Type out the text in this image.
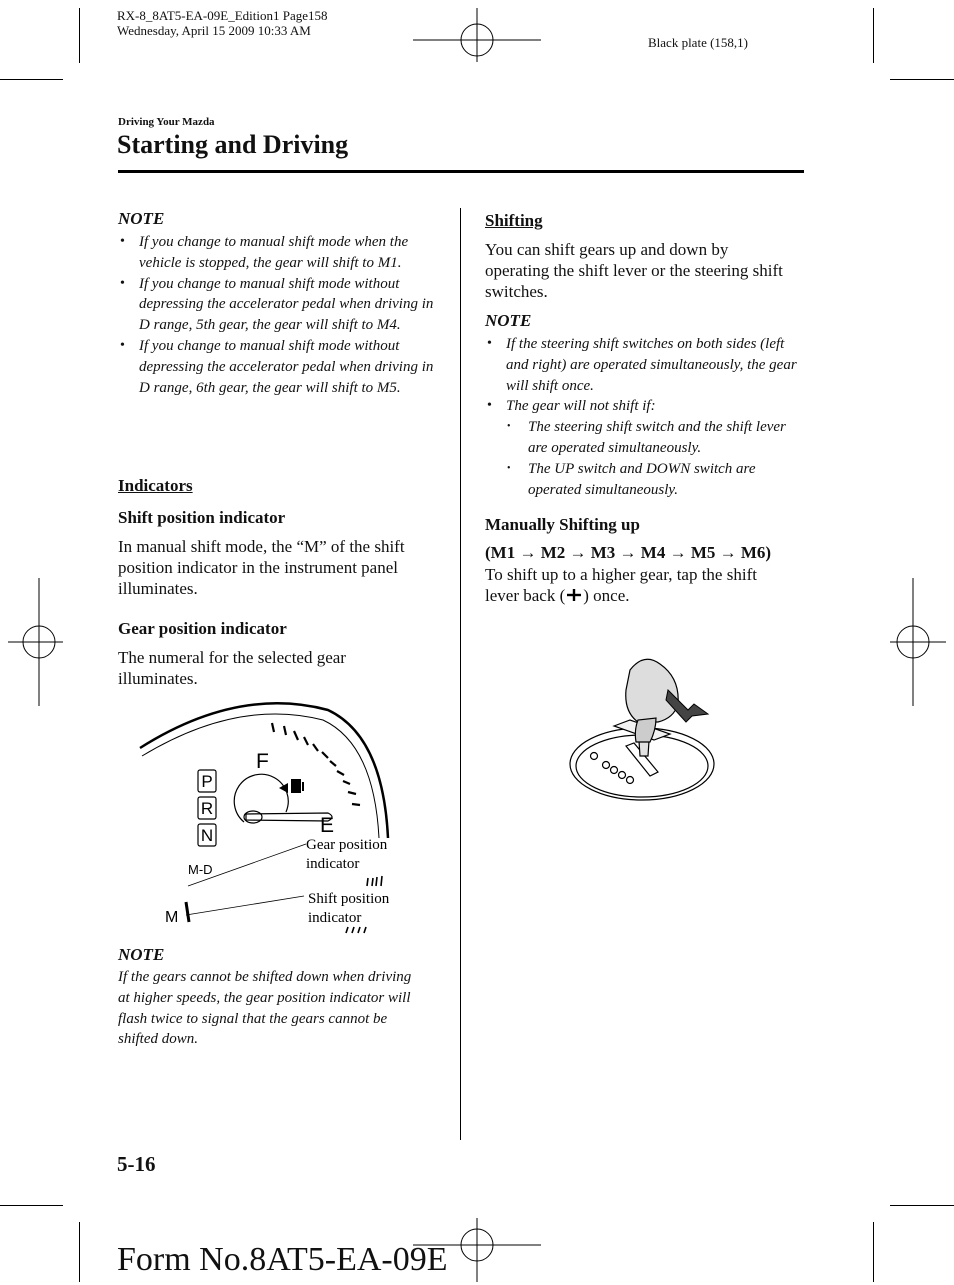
RX-8_8AT5-EA-09E_Edition1 Page158
Wednesday, April 15 2009 10:33 AM
Black plate (158,1)
Driving Your Mazda
Starting and Driving
NOTE
• If you change to manual shift mode when the vehicle is stopped, the gear will shift to M1.
• If you change to manual shift mode without depressing the accelerator pedal when driving in D range, 5th gear, the gear will shift to M4.
• If you change to manual shift mode without depressing the accelerator pedal when driving in D range, 6th gear, the gear will shift to M5.
Indicators
Shift position indicator
In manual shift mode, the “M” of the shift position indicator in the instrument panel illuminates.
Gear position indicator
The numeral for the selected gear illuminates.
P
R
N
F
E
M-D
M
Gear position
indicator
Shift position
indicator
NOTE
If the gears cannot be shifted down when driving at higher speeds, the gear position indicator will flash twice to signal that the gears cannot be shifted down.
Shifting
You can shift gears up and down by operating the shift lever or the steering shift switches.
NOTE
• If the steering shift switches on both sides (left and right) are operated simultaneously, the gear will shift once.
• The gear will not shift if:
• The steering shift switch and the shift lever are operated simultaneously.
• The UP switch and DOWN switch are operated simultaneously.
Manually Shifting up
(M1 → M2 → M3 → M4 → M5 → M6)
To shift up to a higher gear, tap the shift lever back ( ) once.
5-16
Form No.8AT5-EA-09E
